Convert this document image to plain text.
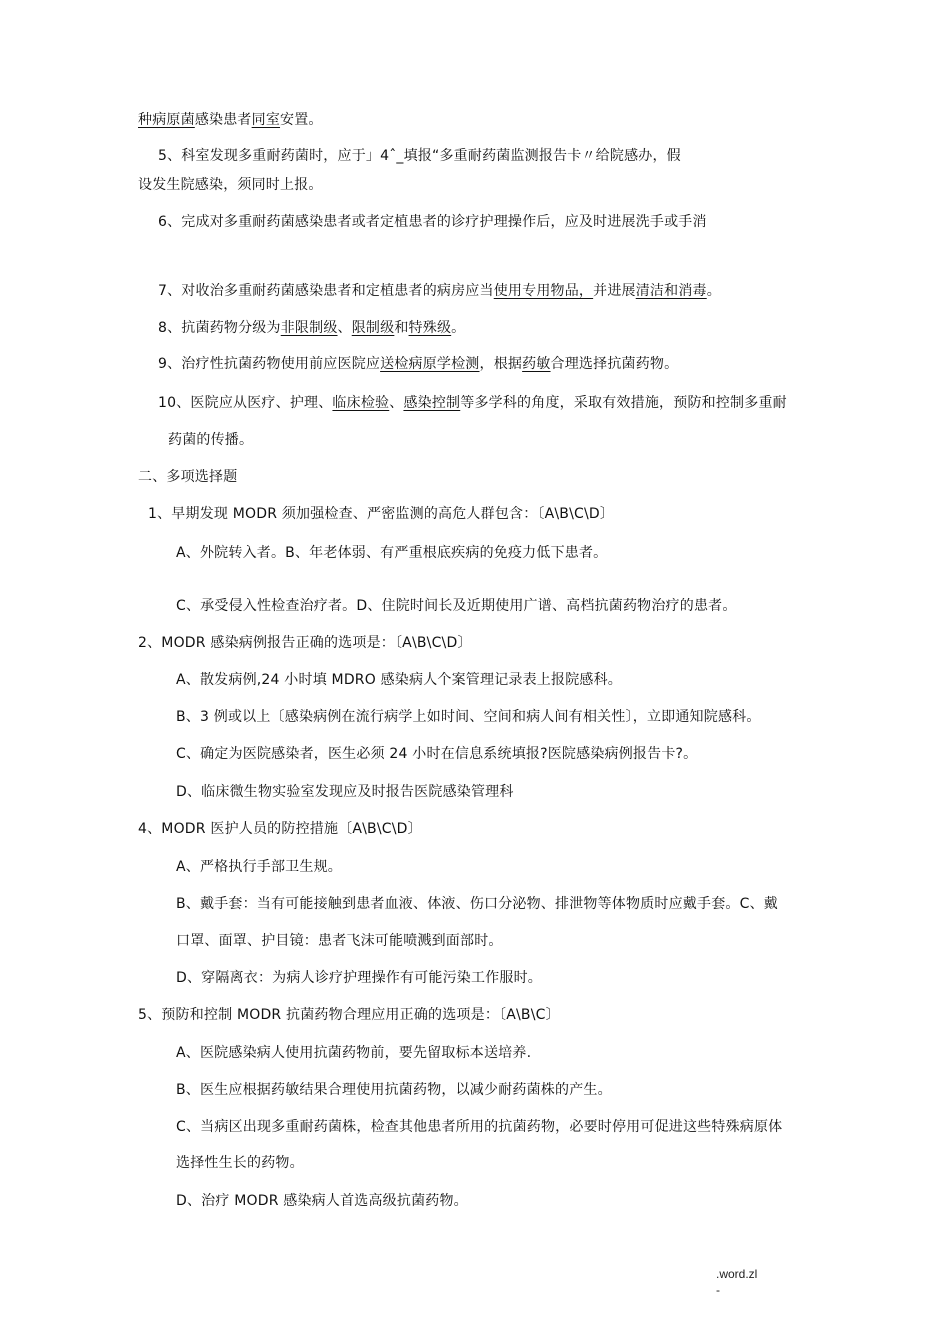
种病原菌感染患者同室安置。
5、科室发现多重耐药菌时，应于」4ˆ_填报“多重耐药菌监测报告卡〃给院感办，假
设发生院感染，须同时上报。
6、完成对多重耐药菌感染患者或者定植患者的诊疗护理操作后，应及时进展洗手或手消
7、对收治多重耐药菌感染患者和定植患者的病房应当使用专用物品，并进展清洁和消毒。
8、抗菌药物分级为非限制级、限制级和特殊级。
9、治疗性抗菌药物使用前应医院应送检病原学检测，根据药敏合理选择抗菌药物。
10、医院应从医疗、护理、临床检验、感染控制等多学科的角度，采取有效措施，预防和控制多重耐
药菌的传播。
二、多项选择题
1、早期发现 MODR 须加强检查、严密监测的高危人群包含：〔A\B\C\D〕
A、外院转入者。B、年老体弱、有严重根底疾病的免疫力低下患者。
C、承受侵入性检查治疗者。D、住院时间长及近期使用广谱、高档抗菌药物治疗的患者。
2、MODR 感染病例报告正确的选项是：〔A\B\C\D〕
A、散发病例,24 小时填 MDRO 感染病人个案管理记录表上报院感科。
B、3 例或以上〔感染病例在流行病学上如时间、空间和病人间有相关性〕，立即通知院感科。
C、确定为医院感染者，医生必须 24 小时在信息系统填报?医院感染病例报告卡?。
D、临床微生物实验室发现应及时报告医院感染管理科
4、MODR 医护人员的防控措施〔A\B\C\D〕
A、严格执行手部卫生规。
B、戴手套：当有可能接触到患者血液、体液、伤口分泌物、排泄物等体物质时应戴手套。C、戴
口罩、面罩、护目镜：患者飞沫可能喷溅到面部时。
D、穿隔离衣：为病人诊疗护理操作有可能污染工作服时。
5、预防和控制 MODR 抗菌药物合理应用正确的选项是：〔A\B\C〕
A、医院感染病人使用抗菌药物前，要先留取标本送培养.
B、医生应根据药敏结果合理使用抗菌药物，以减少耐药菌株的产生。
C、当病区出现多重耐药菌株，检查其他患者所用的抗菌药物，必要时停用可促进这些特殊病原体
选择性生长的药物。
D、治疗 MODR 感染病人首选高级抗菌药物。
.word.zl
-
